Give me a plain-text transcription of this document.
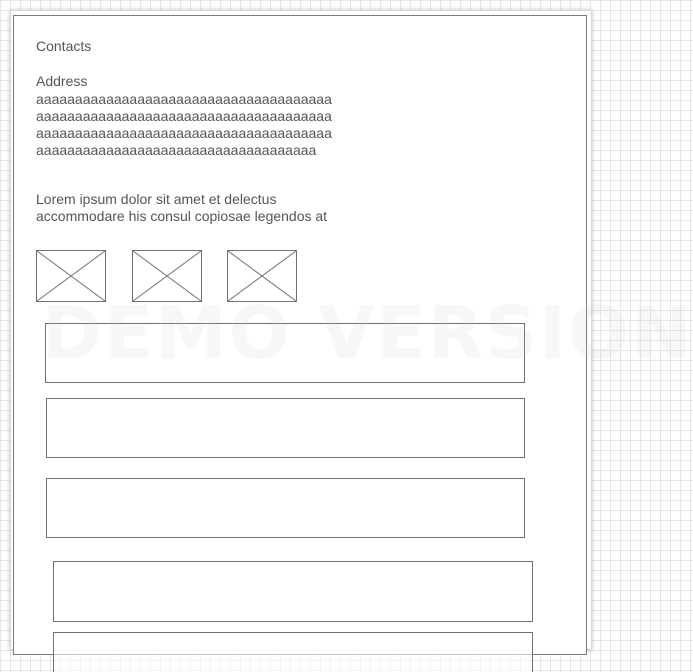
Contacts
Address
aaaaaaaaaaaaaaaaaaaaaaaaaaaaaaaaaaaaaaaaaaaaaaaaaaaaaaaaaaaaaaaaaaaaaaaaaaaaaaaaaaaaaaaaaaaaaaaaaaaaaaaaaaaaaaaaaaaaaaaaaaaaaaaaaaaaaaaaaaaaaaaaaaaaaa
Lorem ipsum dolor sit amet et delectus accommodare his consul copiosae legendos at
